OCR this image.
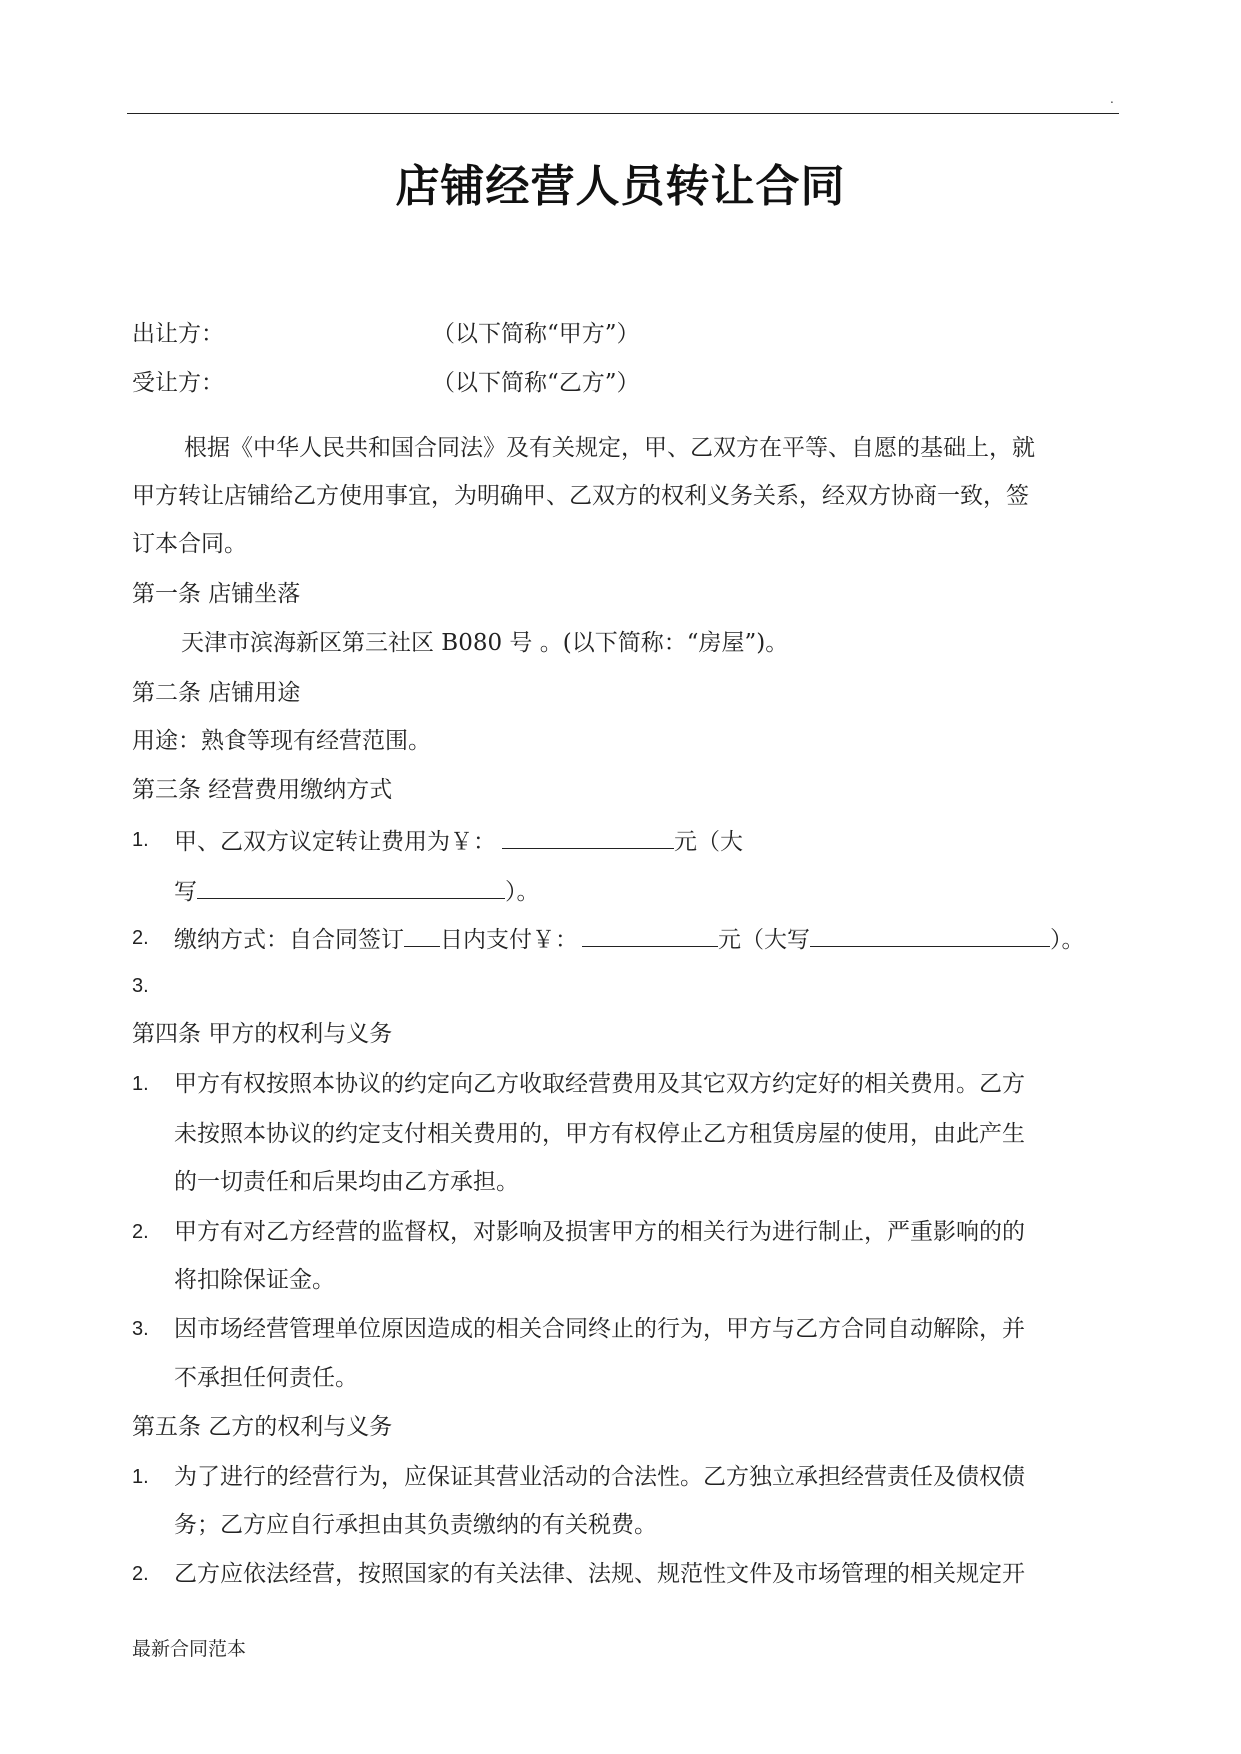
.
店铺经营人员转让合同
出让方：	（以下简称“甲方”）
受让方：	（以下简称“乙方”）
根据《中华人民共和国合同法》及有关规定，甲、乙双方在平等、自愿的基础上，就
甲方转让店铺给乙方使用事宜，为明确甲、乙双方的权利义务关系，经双方协商一致，签
订本合同。
第一条 店铺坐落
天津市滨海新区第三社区 B080 号 。(以下简称：“房屋”)。
第二条 店铺用途
用途：熟食等现有经营范围。
第三条 经营费用缴纳方式
1. 甲、乙双方议定转让费用为￥：	元（大
写	）。
2. 缴纳方式：自合同签订 日内支付￥：	元（大写	）。
3.
第四条 甲方的权利与义务
1. 甲方有权按照本协议的约定向乙方收取经营费用及其它双方约定好的相关费用。乙方
未按照本协议的约定支付相关费用的，甲方有权停止乙方租赁房屋的使用，由此产生
的一切责任和后果均由乙方承担。
2. 甲方有对乙方经营的监督权，对影响及损害甲方的相关行为进行制止，严重影响的的
将扣除保证金。
3. 因市场经营管理单位原因造成的相关合同终止的行为，甲方与乙方合同自动解除，并
不承担任何责任。
第五条 乙方的权利与义务
1. 为了进行的经营行为，应保证其营业活动的合法性。乙方独立承担经营责任及债权债
务；乙方应自行承担由其负责缴纳的有关税费。
2. 乙方应依法经营，按照国家的有关法律、法规、规范性文件及市场管理的相关规定开
最新合同范本
